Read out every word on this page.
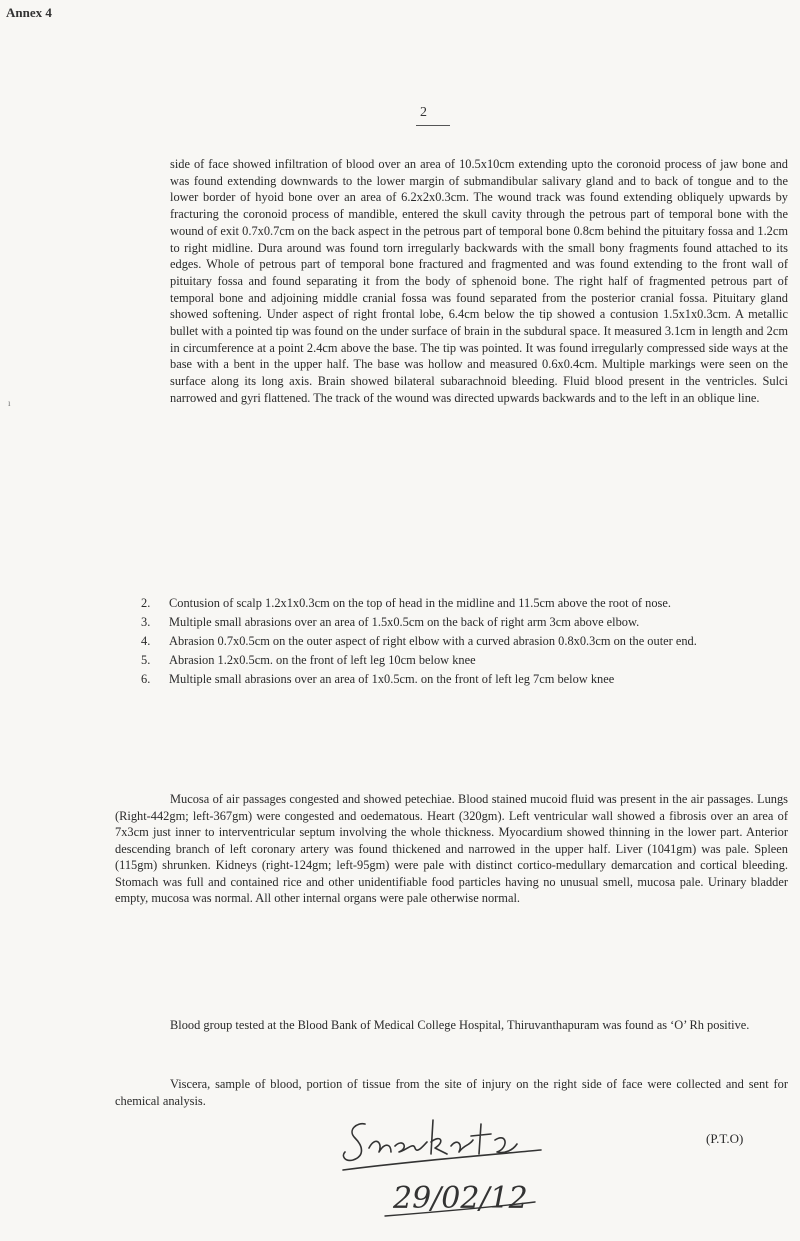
Annex 4
2
ı
side of face showed infiltration of blood over an area of 10.5x10cm extending upto the coronoid process of jaw bone and was found extending downwards to the lower margin of submandibular salivary gland and to back of tongue and to the lower border of hyoid bone over an area of 6.2x2x0.3cm. The wound track was found extending obliquely upwards by fracturing the coronoid process of mandible, entered the skull cavity through the petrous part of temporal bone with the wound of exit 0.7x0.7cm on the back aspect in the petrous part of temporal bone 0.8cm behind the pituitary fossa and 1.2cm to right midline. Dura around was found torn irregularly backwards with the small bony fragments found attached to its edges. Whole of petrous part of temporal bone fractured and fragmented and was found extending to the front wall of pituitary fossa and found separating it from the body of sphenoid bone. The right half of fragmented petrous part of temporal bone and adjoining middle cranial fossa was found separated from the posterior cranial fossa. Pituitary gland showed softening. Under aspect of right frontal lobe, 6.4cm below the tip showed a contusion 1.5x1x0.3cm. A metallic bullet with a pointed tip was found on the under surface of brain in the subdural space. It measured 3.1cm in length and 2cm in circumference at a point 2.4cm above the base. The tip was pointed. It was found irregularly compressed side ways at the base with a bent in the upper half. The base was hollow and measured 0.6x0.4cm. Multiple markings were seen on the surface along its long axis. Brain showed bilateral subarachnoid bleeding. Fluid blood present in the ventricles. Sulci narrowed and gyri flattened. The track of the wound was directed upwards backwards and to the left in an oblique line.
2.	Contusion of scalp 1.2x1x0.3cm on the top of head in the midline and 11.5cm above the root of nose.
3.	Multiple small abrasions over an area of 1.5x0.5cm on the back of right arm 3cm above elbow.
4.	Abrasion 0.7x0.5cm on the outer aspect of right elbow with a curved abrasion 0.8x0.3cm on the outer end.
5.	Abrasion 1.2x0.5cm. on the front of left leg 10cm below knee
6.	Multiple small abrasions over an area of 1x0.5cm. on the front of left leg 7cm below knee

Mucosa of air passages congested and showed petechiae. Blood stained mucoid fluid was present in the air passages. Lungs (Right-442gm; left-367gm) were congested and oedematous. Heart (320gm). Left ventricular wall showed a fibrosis over an area of 7x3cm just inner to interventricular septum involving the whole thickness. Myocardium showed thinning in the lower part. Anterior descending branch of left coronary artery was found thickened and narrowed in the upper half. Liver (1041gm) was pale. Spleen (115gm) shrunken. Kidneys (right-124gm; left-95gm) were pale with distinct cortico-medullary demarcation and cortical bleeding. Stomach was full and contained rice and other unidentifiable food particles having no unusual smell, mucosa pale. Urinary bladder empty, mucosa was normal. All other internal organs were pale otherwise normal.

Blood group tested at the Blood Bank of Medical College Hospital, Thiruvanthapuram was found as ‘O’ Rh positive.

Viscera, sample of blood, portion of tissue from the site of injury on the right side of face were collected and sent for chemical analysis.

29/02/12
(P.T.O)
